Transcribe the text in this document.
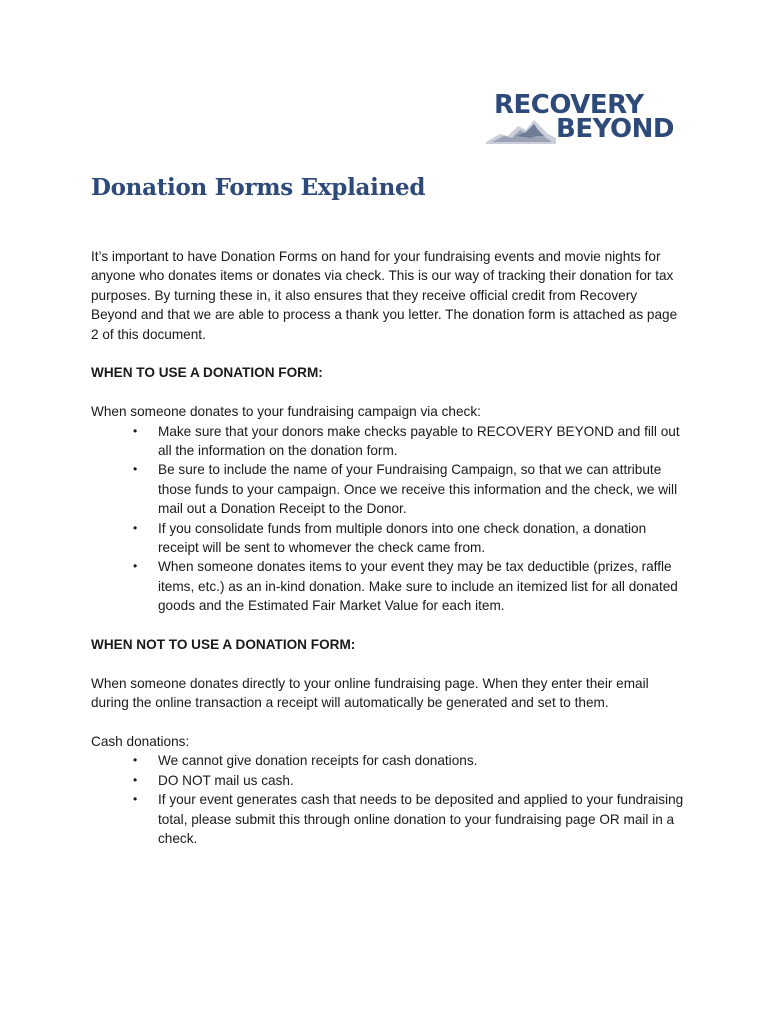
RECOVERY
BEYOND
Donation Forms Explained

It’s important to have Donation Forms on hand for your fundraising events and movie nights for anyone who donates items or donates via check. This is our way of tracking their donation for tax purposes. By turning these in, it also ensures that they receive official credit from Recovery Beyond and that we are able to process a thank you letter. The donation form is attached as page 2 of this document.

WHEN TO USE A DONATION FORM:

When someone donates to your fundraising campaign via check:

• Make sure that your donors make checks payable to RECOVERY BEYOND and fill out all the information on the donation form.
• Be sure to include the name of your Fundraising Campaign, so that we can attribute those funds to your campaign. Once we receive this information and the check, we will mail out a Donation Receipt to the Donor.
• If you consolidate funds from multiple donors into one check donation, a donation receipt will be sent to whomever the check came from.
• When someone donates items to your event they may be tax deductible (prizes, raffle items, etc.) as an in-kind donation. Make sure to include an itemized list for all donated goods and the Estimated Fair Market Value for each item.

WHEN NOT TO USE A DONATION FORM:

When someone donates directly to your online fundraising page. When they enter their email during the online transaction a receipt will automatically be generated and set to them.

Cash donations:

• We cannot give donation receipts for cash donations.
• DO NOT mail us cash.
• If your event generates cash that needs to be deposited and applied to your fundraising total, please submit this through online donation to your fundraising page OR mail in a check.
